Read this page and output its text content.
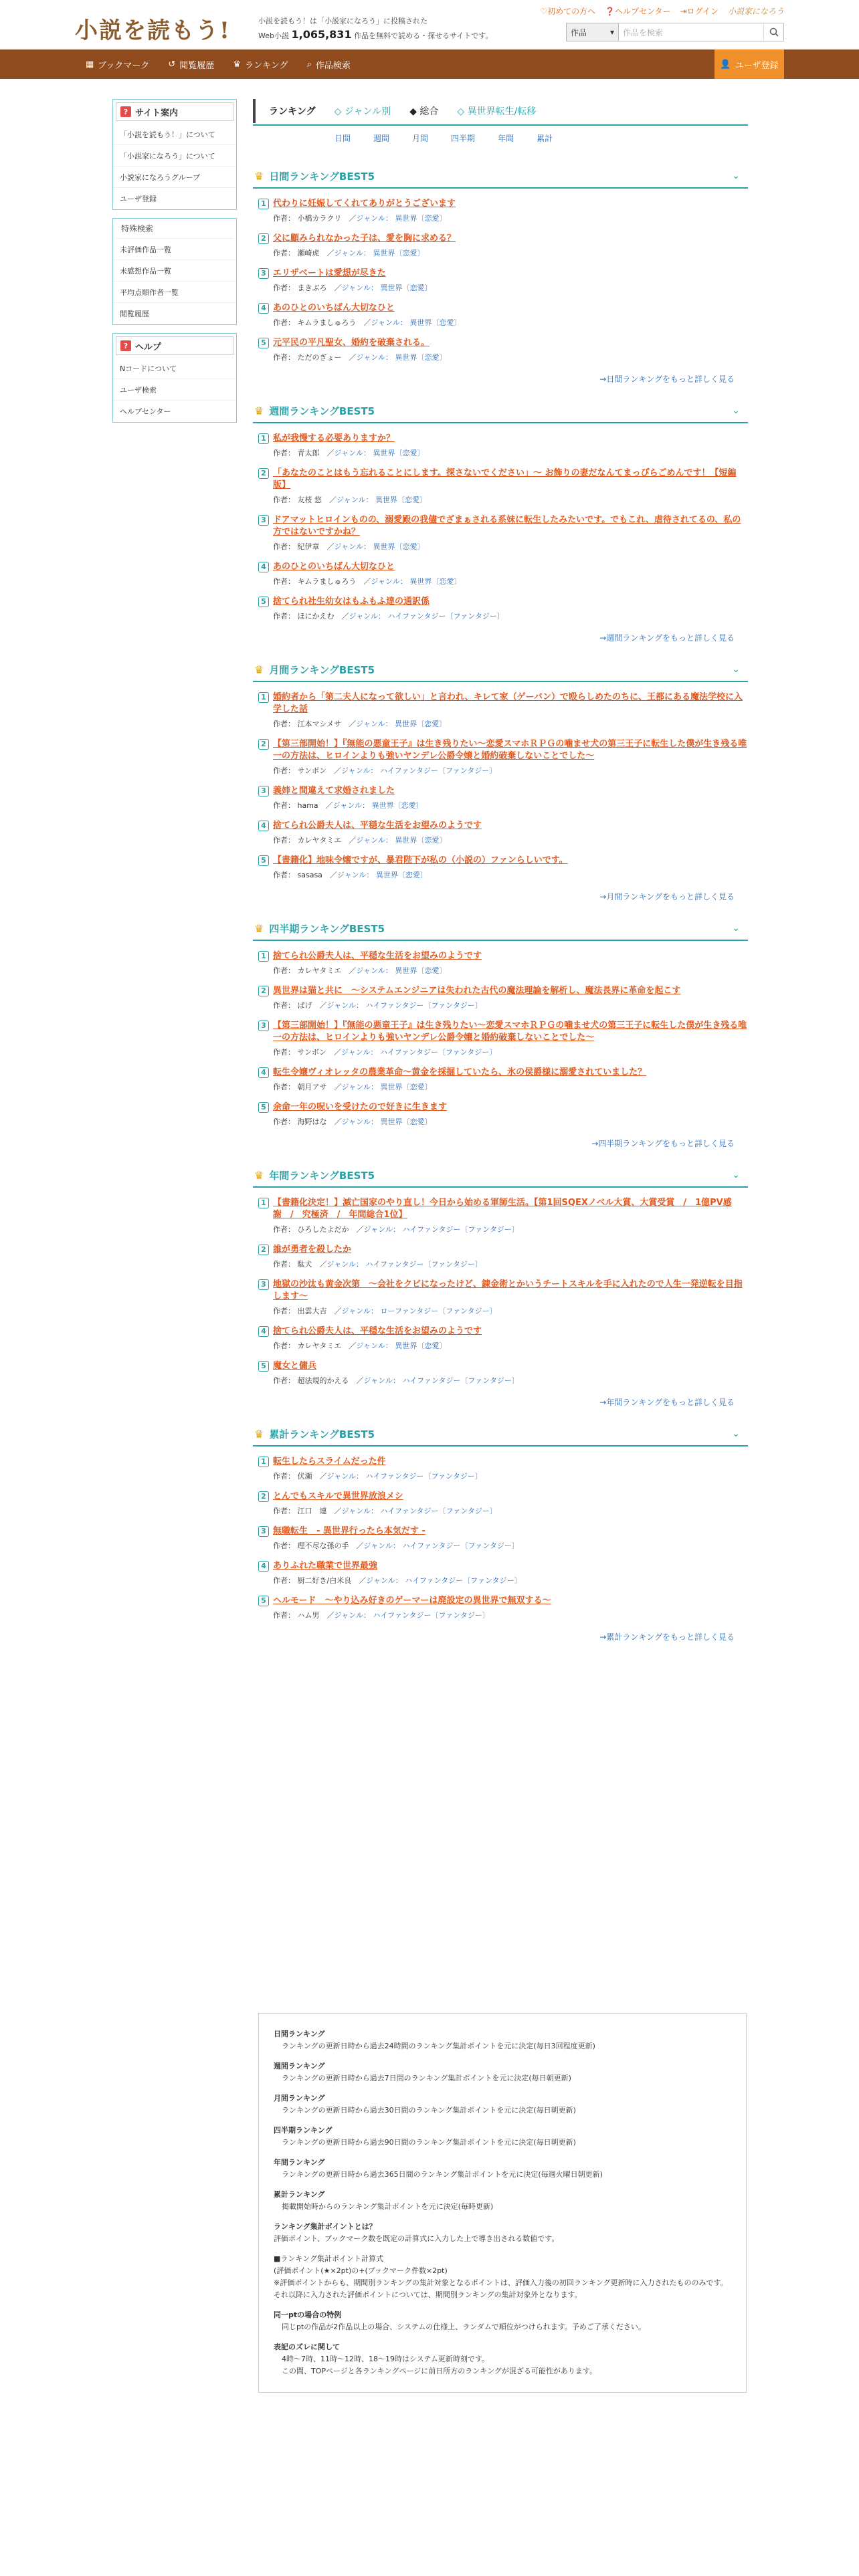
小説を読もう!	小説を読もう！は「小説家になろう」に投稿された
Web小説 1,065,831 作品を無料で読める・探せるサイトです。
♡初めての方へ ❓ヘルプセンター ⇥ログイン 小説家になろう
作品	▾	作品を検索
▦ ブックマーク ↺ 閲覧履歴 ♛ ランキング ⌕ 作品検索	👤 ユーザ登録
? サイト案内
「小説を読もう！」について
「小説家になろう」について
小説家になろうグループ
ユーザ登録
特殊検索
未評価作品一覧
未感想作品一覧
平均点順作者一覧
閲覧履歴
? ヘルプ
Nコードについて
ユーザ検索
ヘルプセンター
ランキング ◇ ジャンル別 ◆ 総合 ◇ 異世界転生/転移
日間	週間	月間	四半期	年間	累計
♛ 日間ランキングBEST5	⌄
1 代わりに妊娠してくれてありがとうございます
作者： 小橋カラクリ　／ジャンル： 異世界〔恋愛〕
2 父に顧みられなかった子は、愛を胸に求める？
作者： 瀬崎虎　／ジャンル： 異世界〔恋愛〕
3 エリザベートは愛想が尽きた
作者： まきぶろ　／ジャンル： 異世界〔恋愛〕
4 あのひとのいちばん大切なひと
作者： キムラましゅろう　／ジャンル： 異世界〔恋愛〕
5 元平民の平凡聖女、婚約を破棄される。
作者： ただのぎょー　／ジャンル： 異世界〔恋愛〕
→日間ランキングをもっと詳しく見る
♛ 週間ランキングBEST5	⌄
1 私が我慢する必要ありますか？
作者： 青太郎　／ジャンル： 異世界〔恋愛〕
2 「あなたのことはもう忘れることにします。探さないでください」～ お飾りの妻だなんてまっぴらごめんです！【短編版】
作者： 友桜 悠　／ジャンル： 異世界〔恋愛〕
3 ドアマットヒロインものの、溺愛殿の我儘でざまぁされる系妹に転生したみたいです。でもこれ、虐待されてるの、私の方ではないですかね？
作者： 紀伊章　／ジャンル： 異世界〔恋愛〕
4 あのひとのいちばん大切なひと
作者： キムラましゅろう　／ジャンル： 異世界〔恋愛〕
5 捨てられ社生幼女はもふもふ達の通訳係
作者： ほにかえむ　／ジャンル： ハイファンタジー〔ファンタジー〕
→週間ランキングをもっと詳しく見る
♛ 月間ランキングBEST5	⌄
1 婚約者から「第二夫人になって欲しい」と言われ、キレて家（ゲーバン）で殴らしめたのちに、王都にある魔法学校に入学した話
作者： 江本マシメサ　／ジャンル： 異世界〔恋愛〕
2 【第三部開始！】『無能の悪童王子』は生き残りたい～恋愛スマホＲＰＧの噛ませ犬の第三王子に転生した僕が生き残る唯一の方法は、ヒロインよりも強いヤンデレ公爵令嬢と婚約破棄しないことでした～
作者： サンボン　／ジャンル： ハイファンタジー〔ファンタジー〕
3 義姉と間違えて求婚されました
作者： hama　／ジャンル： 異世界〔恋愛〕
4 捨てられ公爵夫人は、平穏な生活をお望みのようです
作者： カレヤタミエ　／ジャンル： 異世界〔恋愛〕
5 【書籍化】地味令嬢ですが、暴君陛下が私の（小説の）ファンらしいです。
作者： sasasa　／ジャンル： 異世界〔恋愛〕
→月間ランキングをもっと詳しく見る
♛ 四半期ランキングBEST5	⌄
1 捨てられ公爵夫人は、平穏な生活をお望みのようです
作者： カレヤタミエ　／ジャンル： 異世界〔恋愛〕
2 異世界は猫と共に　～システムエンジニアは失われた古代の魔法理論を解析し、魔法長界に革命を起こす
作者： ぱげ　／ジャンル： ハイファンタジー〔ファンタジー〕
3 【第三部開始！】『無能の悪童王子』は生き残りたい～恋愛スマホＲＰＧの噛ませ犬の第三王子に転生した僕が生き残る唯一の方法は、ヒロインよりも強いヤンデレ公爵令嬢と婚約破棄しないことでした～
作者： サンボン　／ジャンル： ハイファンタジー〔ファンタジー〕
4 転生令嬢ヴィオレッタの農業革命～黄金を採掘していたら、氷の侯爵様に溺愛されていました？
作者： 朝月アサ　／ジャンル： 異世界〔恋愛〕
5 余命一年の呪いを受けたので好きに生きます
作者： 海野はな　／ジャンル： 異世界〔恋愛〕
→四半期ランキングをもっと詳しく見る
♛ 年間ランキングBEST5	⌄
1 【書籍化決定！】滅亡国家のやり直し！今日から始める軍師生活。【第1回SQEXノベル大賞、大賞受賞　/　1億PV感謝　/　究極済　/　年間総合1位】
作者： ひろしたよだか　／ジャンル： ハイファンタジー〔ファンタジー〕
2 誰が勇者を殺したか
作者： 駄犬　／ジャンル： ハイファンタジー〔ファンタジー〕
3 地獄の沙汰も黄金次第　～会社をクビになったけど、錬金術とかいうチートスキルを手に入れたので人生一発逆転を目指します～
作者： 出雲大吉　／ジャンル： ローファンタジー〔ファンタジー〕
4 捨てられ公爵夫人は、平穏な生活をお望みのようです
作者： カレヤタミエ　／ジャンル： 異世界〔恋愛〕
5 魔女と傭兵
作者： 超法規的かえる　／ジャンル： ハイファンタジー〔ファンタジー〕
→年間ランキングをもっと詳しく見る
♛ 累計ランキングBEST5	⌄
1 転生したらスライムだった件
作者： 伏瀬　／ジャンル： ハイファンタジー〔ファンタジー〕
2 とんでもスキルで異世界放浪メシ
作者： 江口　連　／ジャンル： ハイファンタジー〔ファンタジー〕
3 無職転生　- 異世界行ったら本気だす -
作者： 理不尽な孫の手　／ジャンル： ハイファンタジー〔ファンタジー〕
4 ありふれた職業で世界最強
作者： 厨二好き/白米良　／ジャンル： ハイファンタジー〔ファンタジー〕
5 ヘルモード　～やり込み好きのゲーマーは廃設定の異世界で無双する～
作者： ハム男　／ジャンル： ハイファンタジー〔ファンタジー〕
→累計ランキングをもっと詳しく見る
日間ランキング
ランキングの更新日時から過去24時間のランキング集計ポイントを元に決定(毎日3回程度更新)
週間ランキング
ランキングの更新日時から過去7日間のランキング集計ポイントを元に決定(毎日朝更新)
月間ランキング
ランキングの更新日時から過去30日間のランキング集計ポイントを元に決定(毎日朝更新)
四半期ランキング
ランキングの更新日時から過去90日間のランキング集計ポイントを元に決定(毎日朝更新)
年間ランキング
ランキングの更新日時から過去365日間のランキング集計ポイントを元に決定(毎週火曜日朝更新)
累計ランキング
掲載開始時からのランキング集計ポイントを元に決定(毎時更新)
ランキング集計ポイントとは？
評価ポイント、ブックマーク数を既定の計算式に入力した上で導き出される数値です。
■ランキング集計ポイント計算式
(評価ポイント(★×2pt)の+(ブックマーク件数×2pt)
※評価ポイントからも、期間別ランキングの集計対象となるポイントは、評価入力後の初回ランキング更新時に入力されたもののみです。
それ以降に入力された評価ポイントについては、期間別ランキングの集計対象外となります。
同一ptの場合の特例
同じptの作品が2作品以上の場合、システムの仕様上、ランダムで順位がつけられます。予めご了承ください。
表記のズレに関して
4時〜7時、11時〜12時、18〜19時はシステム更新時刻です。
この間、TOPページと各ランキングページに前日所方のランキングが混ざる可能性があります。
